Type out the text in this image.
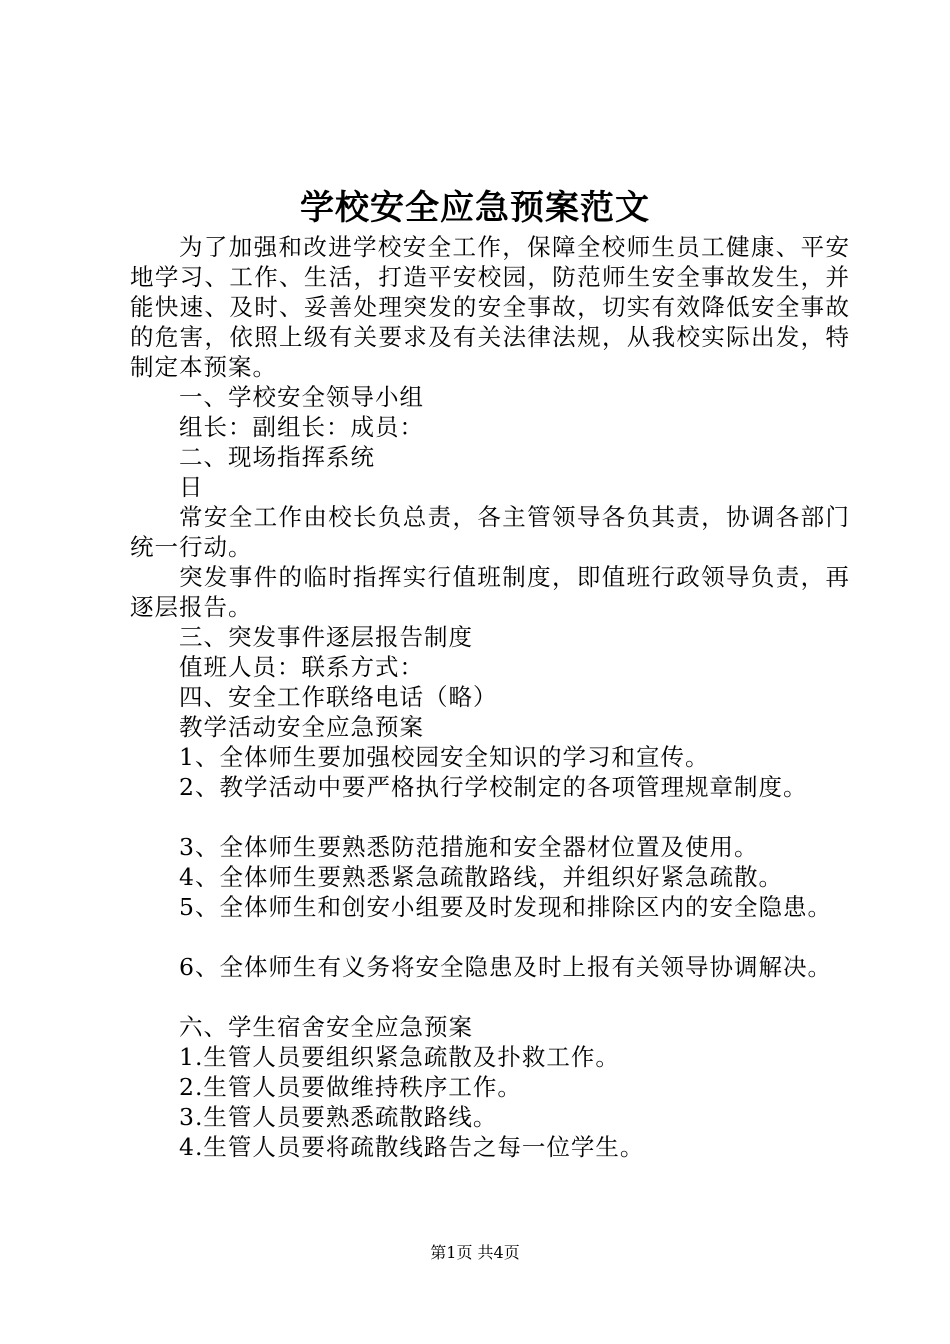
学校安全应急预案范文

为了加强和改进学校安全工作，保障全校师生员工健康、平安地学习、工作、生活，打造平安校园，防范师生安全事故发生，并能快速、及时、妥善处理突发的安全事故，切实有效降低安全事故的危害，依照上级有关要求及有关法律法规，从我校实际出发，特制定本预案。

一、学校安全领导小组

组长：副组长：成员：

二、现场指挥系统

日

常安全工作由校长负总责，各主管领导各负其责，协调各部门统一行动。

突发事件的临时指挥实行值班制度，即值班行政领导负责，再逐层报告。

三、突发事件逐层报告制度

值班人员：联系方式：

四、安全工作联络电话（略）

教学活动安全应急预案

1、全体师生要加强校园安全知识的学习和宣传。

2、教学活动中要严格执行学校制定的各项管理规章制度。

3、全体师生要熟悉防范措施和安全器材位置及使用。

4、全体师生要熟悉紧急疏散路线，并组织好紧急疏散。

5、全体师生和创安小组要及时发现和排除区内的安全隐患。

6、全体师生有义务将安全隐患及时上报有关领导协调解决。

六、学生宿舍安全应急预案

1.生管人员要组织紧急疏散及扑救工作。

2.生管人员要做维持秩序工作。

3.生管人员要熟悉疏散路线。

4.生管人员要将疏散线路告之每一位学生。

第1页 共4页
